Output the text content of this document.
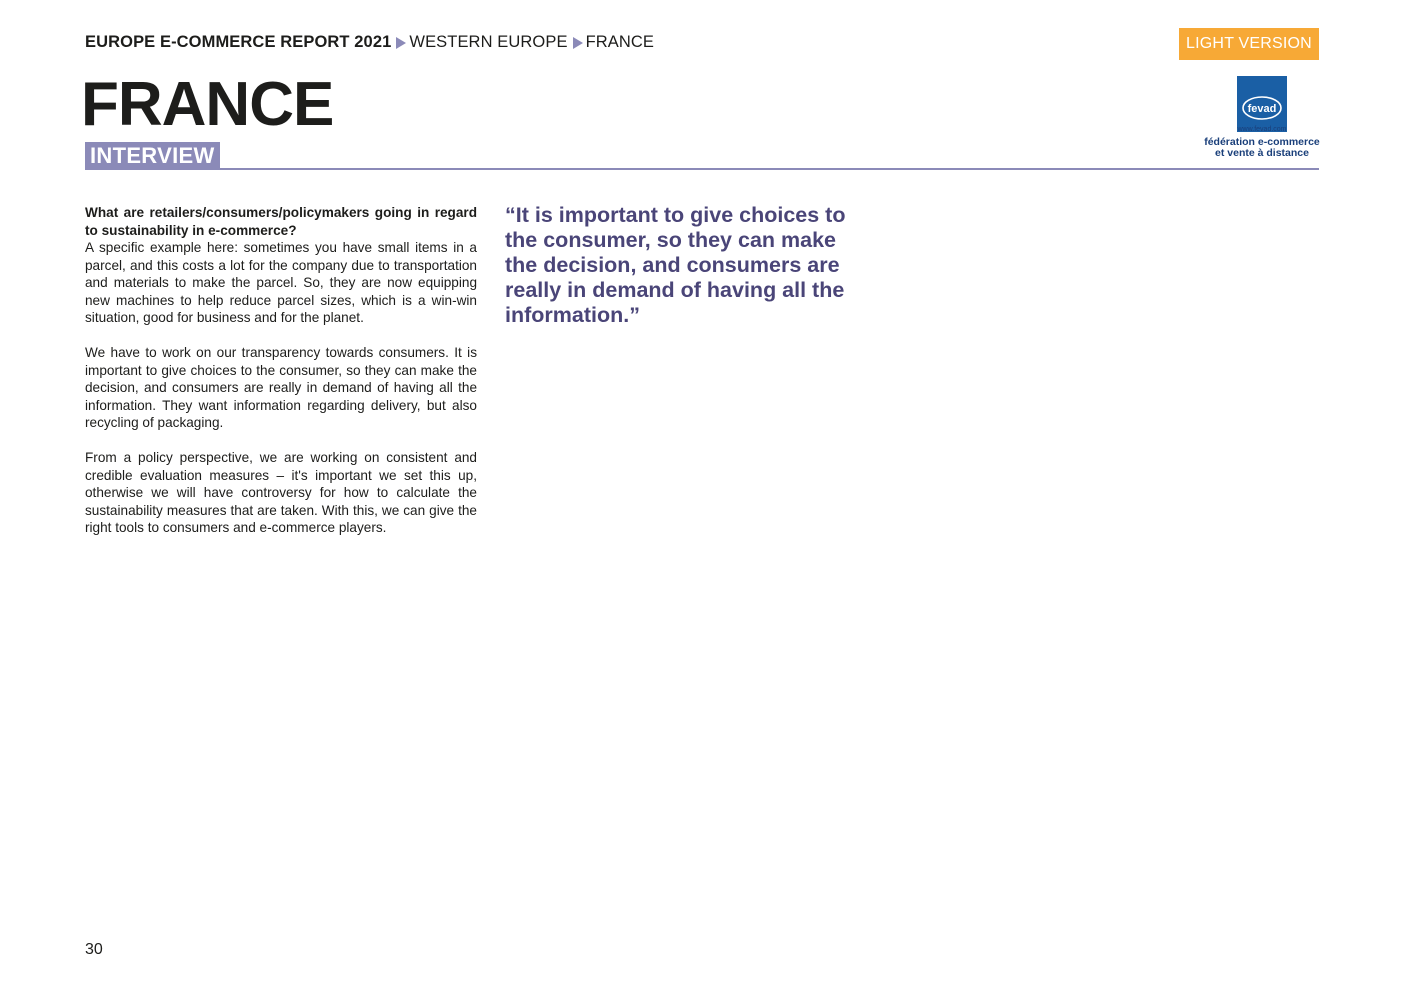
EUROPE E-COMMERCE REPORT 2021 WESTERN EUROPE FRANCE	LIGHT VERSION
FRANCE
INTERVIEW
fevad
www.fevad.com
fédération e-commerce
et vente à distance

What are retailers/consumers/policymakers going in regard to sustainability in e-commerce?
A specific example here: sometimes you have small items in a parcel, and this costs a lot for the company due to transportation and materials to make the parcel. So, they are now equipping new machines to help reduce parcel sizes, which is a win-win situation, good for business and for the planet.

We have to work on our transparency towards consumers. It is important to give choices to the consumer, so they can make the decision, and consumers are really in demand of having all the information. They want information regarding delivery, but also recycling of packaging.

From a policy perspective, we are working on consistent and credible evaluation measures – it's important we set this up, otherwise we will have controversy for how to calculate the sustainability measures that are taken. With this, we can give the right tools to consumers and e-commerce players.

“It is important to give choices to the consumer, so they can make the decision, and consumers are really in demand of having all the information.”
30
